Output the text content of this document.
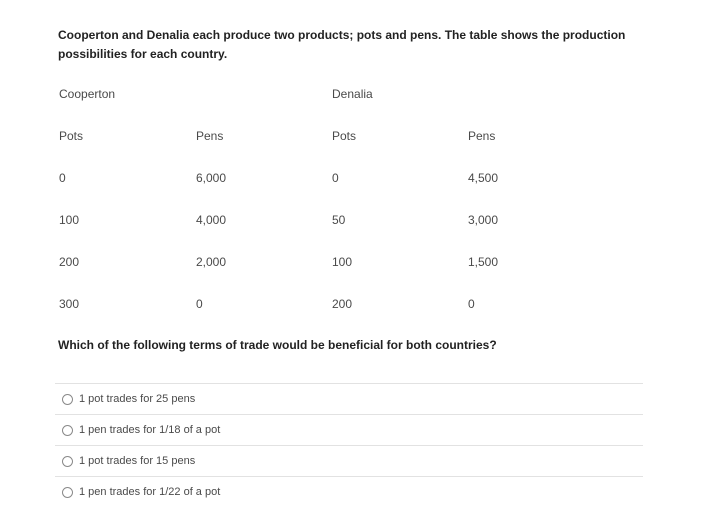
Cooperton and Denalia each produce two products; pots and pens. The table shows the production possibilities for each country.
Cooperton	Denalia
Pots	Pens	Pots	Pens
0	6,000	0	4,500
100	4,000	50	3,000
200	2,000	100	1,500
300	0	200	0
Which of the following terms of trade would be beneficial for both countries?
1 pot trades for 25 pens
1 pen trades for 1/18 of a pot
1 pot trades for 15 pens
1 pen trades for 1/22 of a pot
